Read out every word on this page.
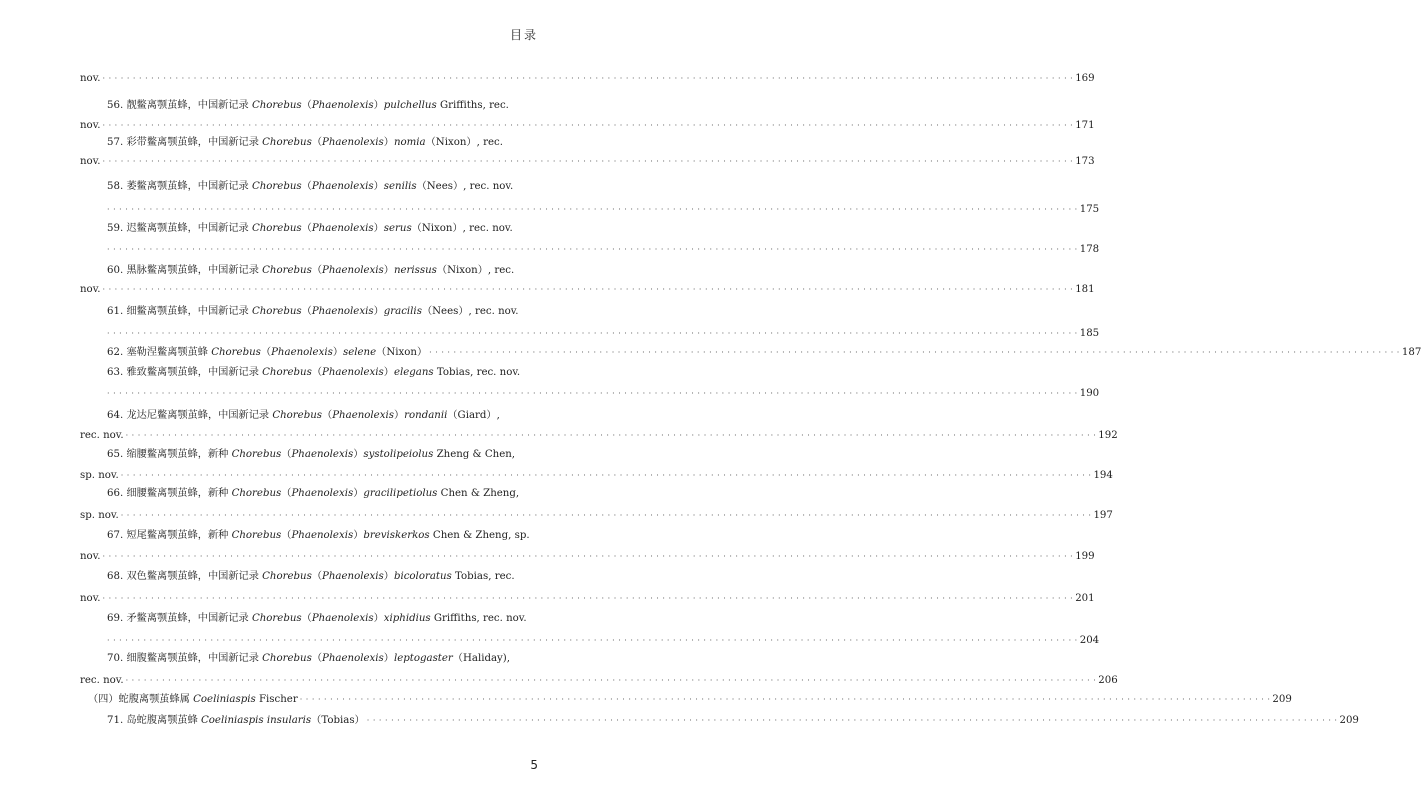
目录
nov. · · · · · · · · · · · · · · · · · · · · · · · · · · · · · · · · · · · · · · · · · · · · · · · · · · · · · · · · · · · · · · · · · · · · · · · · · · · · · · · · · · · · · · · · · · · · · · · · · · · · · · · · · · · · · · · · · · · · · · · · · · · · · · · · · · · · · · · · · · · · · · · · · · · · · · · · · · · · · · · · 169
56. 靓鳖离颚茧蜂，中国新记录 Chorebus（Phaenolexis）pulchellus Griffiths, rec.
nov. · · · · · · · · · · · · · · · · · · · · · · · · · · · · · · · · · · · · · · · · · · · · · · · · · · · · · · · · · · · · · · · · · · · · · · · · · · · · · · · · · · · · · · · · · · · · · · · · · · · · · · · · · · · · · · · · · · · · · · · · · · · · · · · · · · · · · · · · · · · · · · · · · · · · · · · · · · · · · · · · 171
57. 彩带鳖离颚茧蜂，中国新记录 Chorebus（Phaenolexis）nomia（Nixon）, rec.
nov. · · · · · · · · · · · · · · · · · · · · · · · · · · · · · · · · · · · · · · · · · · · · · · · · · · · · · · · · · · · · · · · · · · · · · · · · · · · · · · · · · · · · · · · · · · · · · · · · · · · · · · · · · · · · · · · · · · · · · · · · · · · · · · · · · · · · · · · · · · · · · · · · · · · · · · · · · · · · · · · · 173
58. 萎鳖离颚茧蜂，中国新记录 Chorebus（Phaenolexis）senilis（Nees）, rec. nov.
· · · · · · · · · · · · · · · · · · · · · · · · · · · · · · · · · · · · · · · · · · · · · · · · · · · · · · · · · · · · · · · · · · · · · · · · · · · · · · · · · · · · · · · · · · · · · · · · · · · · · · · · · · · · · · · · · · · · · · · · · · · · · · · · · · · · · · · · · · · · · · · · · · · · · · · · · · · · · · · · 175
59. 迟鳖离颚茧蜂，中国新记录 Chorebus（Phaenolexis）serus（Nixon）, rec. nov.
· · · · · · · · · · · · · · · · · · · · · · · · · · · · · · · · · · · · · · · · · · · · · · · · · · · · · · · · · · · · · · · · · · · · · · · · · · · · · · · · · · · · · · · · · · · · · · · · · · · · · · · · · · · · · · · · · · · · · · · · · · · · · · · · · · · · · · · · · · · · · · · · · · · · · · · · · · · · · · · · 178
60. 黑脉鳖离颚茧蜂，中国新记录 Chorebus（Phaenolexis）nerissus（Nixon）, rec.
nov. · · · · · · · · · · · · · · · · · · · · · · · · · · · · · · · · · · · · · · · · · · · · · · · · · · · · · · · · · · · · · · · · · · · · · · · · · · · · · · · · · · · · · · · · · · · · · · · · · · · · · · · · · · · · · · · · · · · · · · · · · · · · · · · · · · · · · · · · · · · · · · · · · · · · · · · · · · · · · · · · 181
61. 细鳖离颚茧蜂，中国新记录 Chorebus（Phaenolexis）gracilis（Nees）, rec. nov.
· · · · · · · · · · · · · · · · · · · · · · · · · · · · · · · · · · · · · · · · · · · · · · · · · · · · · · · · · · · · · · · · · · · · · · · · · · · · · · · · · · · · · · · · · · · · · · · · · · · · · · · · · · · · · · · · · · · · · · · · · · · · · · · · · · · · · · · · · · · · · · · · · · · · · · · · · · · · · · · · 185
62. 塞勒涅鳖离颚茧蜂 Chorebus（Phaenolexis）selene（Nixon） · · · · · · · · · · · · · · · · · · · · · · · · · · · · · · · · · · · · · · · · · · · · · · · · · · · · · · · · · · · · · · · · · · · · · · · · · · · · · · · · · · · · · · · · · · · · · · · · · · · · · · · · · · · · · · · · · · · · · · · · · · · · · · · · · · · · · · · · · · · · · · · · · · · · · · · · · · · · · · · · 187
63. 雅致鳖离颚茧蜂，中国新记录 Chorebus（Phaenolexis）elegans Tobias, rec. nov.
· · · · · · · · · · · · · · · · · · · · · · · · · · · · · · · · · · · · · · · · · · · · · · · · · · · · · · · · · · · · · · · · · · · · · · · · · · · · · · · · · · · · · · · · · · · · · · · · · · · · · · · · · · · · · · · · · · · · · · · · · · · · · · · · · · · · · · · · · · · · · · · · · · · · · · · · · · · · · · · · 190
64. 龙达尼鳖离颚茧蜂，中国新记录 Chorebus（Phaenolexis）rondanii（Giard）,
rec. nov. · · · · · · · · · · · · · · · · · · · · · · · · · · · · · · · · · · · · · · · · · · · · · · · · · · · · · · · · · · · · · · · · · · · · · · · · · · · · · · · · · · · · · · · · · · · · · · · · · · · · · · · · · · · · · · · · · · · · · · · · · · · · · · · · · · · · · · · · · · · · · · · · · · · · · · · · · · · · · · · · 192
65. 缩腰鳖离颚茧蜂，新种 Chorebus（Phaenolexis）systolipeiolus Zheng & Chen,
sp. nov. · · · · · · · · · · · · · · · · · · · · · · · · · · · · · · · · · · · · · · · · · · · · · · · · · · · · · · · · · · · · · · · · · · · · · · · · · · · · · · · · · · · · · · · · · · · · · · · · · · · · · · · · · · · · · · · · · · · · · · · · · · · · · · · · · · · · · · · · · · · · · · · · · · · · · · · · · · · · · · · · 194
66. 细腰鳖离颚茧蜂，新种 Chorebus（Phaenolexis）gracilipetiolus Chen & Zheng,
sp. nov. · · · · · · · · · · · · · · · · · · · · · · · · · · · · · · · · · · · · · · · · · · · · · · · · · · · · · · · · · · · · · · · · · · · · · · · · · · · · · · · · · · · · · · · · · · · · · · · · · · · · · · · · · · · · · · · · · · · · · · · · · · · · · · · · · · · · · · · · · · · · · · · · · · · · · · · · · · · · · · · · 197
67. 短尾鳖离颚茧蜂，新种 Chorebus（Phaenolexis）breviskerkos Chen & Zheng, sp.
nov. · · · · · · · · · · · · · · · · · · · · · · · · · · · · · · · · · · · · · · · · · · · · · · · · · · · · · · · · · · · · · · · · · · · · · · · · · · · · · · · · · · · · · · · · · · · · · · · · · · · · · · · · · · · · · · · · · · · · · · · · · · · · · · · · · · · · · · · · · · · · · · · · · · · · · · · · · · · · · · · · 199
68. 双色鳖离颚茧蜂，中国新记录 Chorebus（Phaenolexis）bicoloratus Tobias, rec.
nov. · · · · · · · · · · · · · · · · · · · · · · · · · · · · · · · · · · · · · · · · · · · · · · · · · · · · · · · · · · · · · · · · · · · · · · · · · · · · · · · · · · · · · · · · · · · · · · · · · · · · · · · · · · · · · · · · · · · · · · · · · · · · · · · · · · · · · · · · · · · · · · · · · · · · · · · · · · · · · · · · 201
69. 矛鳖离颚茧蜂，中国新记录 Chorebus（Phaenolexis）xiphidius Griffiths, rec. nov.
· · · · · · · · · · · · · · · · · · · · · · · · · · · · · · · · · · · · · · · · · · · · · · · · · · · · · · · · · · · · · · · · · · · · · · · · · · · · · · · · · · · · · · · · · · · · · · · · · · · · · · · · · · · · · · · · · · · · · · · · · · · · · · · · · · · · · · · · · · · · · · · · · · · · · · · · · · · · · · · · 204
70. 细腹鳖离颚茧蜂，中国新记录 Chorebus（Phaenolexis）leptogaster（Haliday),
rec. nov. · · · · · · · · · · · · · · · · · · · · · · · · · · · · · · · · · · · · · · · · · · · · · · · · · · · · · · · · · · · · · · · · · · · · · · · · · · · · · · · · · · · · · · · · · · · · · · · · · · · · · · · · · · · · · · · · · · · · · · · · · · · · · · · · · · · · · · · · · · · · · · · · · · · · · · · · · · · · · · · · 206
（四）蛇腹离颚茧蜂属 Coeliniaspis Fischer · · · · · · · · · · · · · · · · · · · · · · · · · · · · · · · · · · · · · · · · · · · · · · · · · · · · · · · · · · · · · · · · · · · · · · · · · · · · · · · · · · · · · · · · · · · · · · · · · · · · · · · · · · · · · · · · · · · · · · · · · · · · · · · · · · · · · · · · · · · · · · · · · · · · · · · · · · · · · · · · 209
71. 岛蛇腹离颚茧蜂 Coeliniaspis insularis（Tobias） · · · · · · · · · · · · · · · · · · · · · · · · · · · · · · · · · · · · · · · · · · · · · · · · · · · · · · · · · · · · · · · · · · · · · · · · · · · · · · · · · · · · · · · · · · · · · · · · · · · · · · · · · · · · · · · · · · · · · · · · · · · · · · · · · · · · · · · · · · · · · · · · · · · · · · · · · · · · · · · · 209
5
